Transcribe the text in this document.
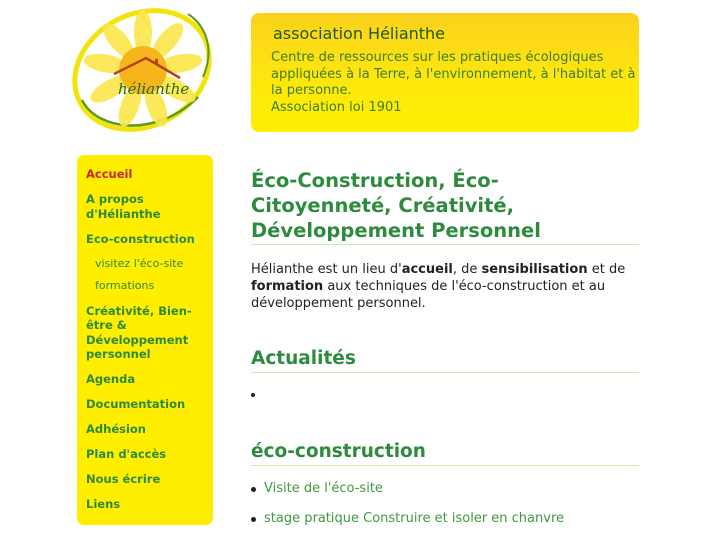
hélianthe
association Hélianthe

Centre de ressources sur les pratiques écologiques appliquées à la Terre, à l'environnement, à l'habitat et à la personne.
Association loi 1901

Accueil
A propos d'Hélianthe
Eco-construction
visitez l'éco-site
formations
Créativité, Bien-être & Développement personnel
Agenda
Documentation
Adhésion
Plan d'accès
Nous écrire
Liens
Éco-Construction, Éco-Citoyenneté, Créativité, Développement Personnel

Hélianthe est un lieu d'accueil, de sensibilisation et de formation aux techniques de l'éco-construction et au développement personnel.

Actualités
•
éco-construction
Visite de l'éco-site
stage pratique Construire et isoler en chanvre
